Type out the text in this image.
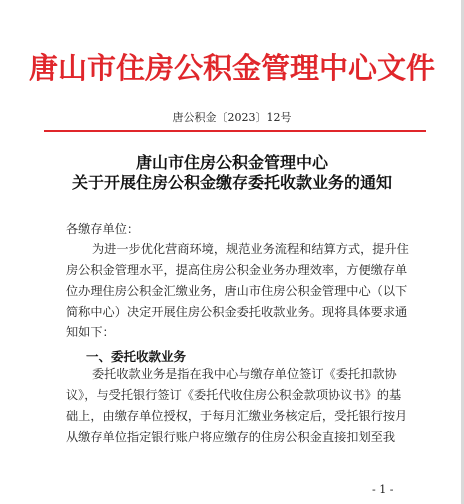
唐山市住房公积金管理中心文件
唐公积金〔2023〕12号
唐山市住房公积金管理中心
关于开展住房公积金缴存委托收款业务的通知
各缴存单位：
为进一步优化营商环境，规范业务流程和结算方式，提升住
房公积金管理水平，提高住房公积金业务办理效率，方便缴存单
位办理住房公积金汇缴业务，唐山市住房公积金管理中心（以下
简称中心）决定开展住房公积金委托收款业务。现将具体要求通
知如下：
一、委托收款业务
委托收款业务是指在我中心与缴存单位签订《委托扣款协
议》，与受托银行签订《委托代收住房公积金款项协议书》的基
础上，由缴存单位授权，于每月汇缴业务核定后，受托银行按月
从缴存单位指定银行账户将应缴存的住房公积金直接扣划至我
- 1 -
